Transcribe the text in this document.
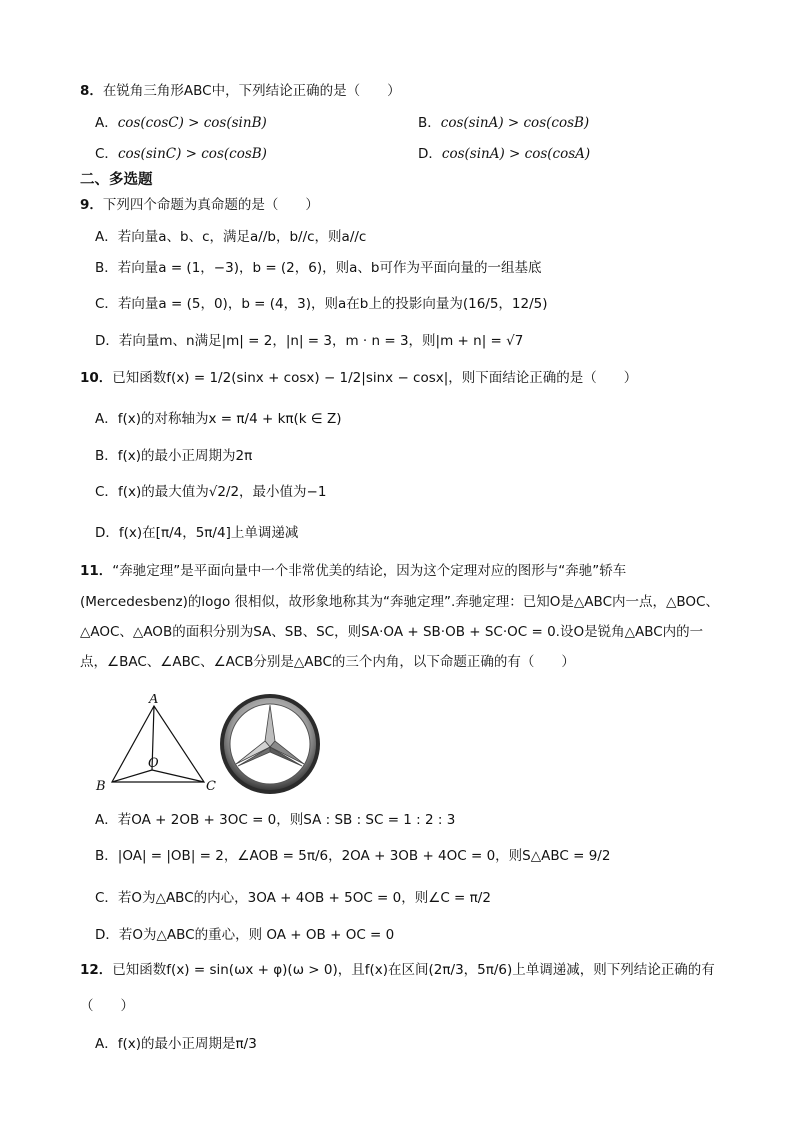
8．在锐角三角形ABC中，下列结论正确的是（　　）
A．cos(cosC) > cos(sinB)	B．cos(sinA) > cos(cosB)
C．cos(sinC) > cos(cosB)	D．cos(sinA) > cos(cosA)
二、多选题
9．下列四个命题为真命题的是（　　）
A．若向量a、b、c，满足a//b，b//c，则a//c
B．若向量a = (1，−3)，b = (2，6)，则a、b可作为平面向量的一组基底
C．若向量a = (5，0)，b = (4，3)，则a在b上的投影向量为(16/5，12/5)
D．若向量m、n满足|m| = 2，|n| = 3，m · n = 3，则|m + n| = √7
10．已知函数f(x) = 1/2(sinx + cosx) − 1/2|sinx − cosx|，则下面结论正确的是（　　）
A．f(x)的对称轴为x = π/4 + kπ(k ∈ Z)
B．f(x)的最小正周期为2π
C．f(x)的最大值为√2/2，最小值为−1
D．f(x)在[π/4，5π/4]上单调递减
11．“奔驰定理”是平面向量中一个非常优美的结论，因为这个定理对应的图形与“奔驰”轿车
(Mercedesbenz)的logo 很相似，故形象地称其为“奔驰定理”.奔驰定理：已知O是△ABC内一点，△BOC、
△AOC、△AOB的面积分别为SA、SB、SC，则SA·OA + SB·OB + SC·OC = 0.设O是锐角△ABC内的一
点，∠BAC、∠ABC、∠ACB分别是△ABC的三个内角，以下命题正确的有（　　）
A
O
B	C
A．若OA + 2OB + 3OC = 0，则SA : SB : SC = 1 : 2 : 3
B．|OA| = |OB| = 2，∠AOB = 5π/6，2OA + 3OB + 4OC = 0，则S△ABC = 9/2
C．若O为△ABC的内心，3OA + 4OB + 5OC = 0，则∠C = π/2
D．若O为△ABC的重心，则 OA + OB + OC = 0
12．已知函数f(x) = sin(ωx + φ)(ω > 0)，且f(x)在区间(2π/3，5π/6)上单调递减，则下列结论正确的有
（　　）
A．f(x)的最小正周期是π/3
